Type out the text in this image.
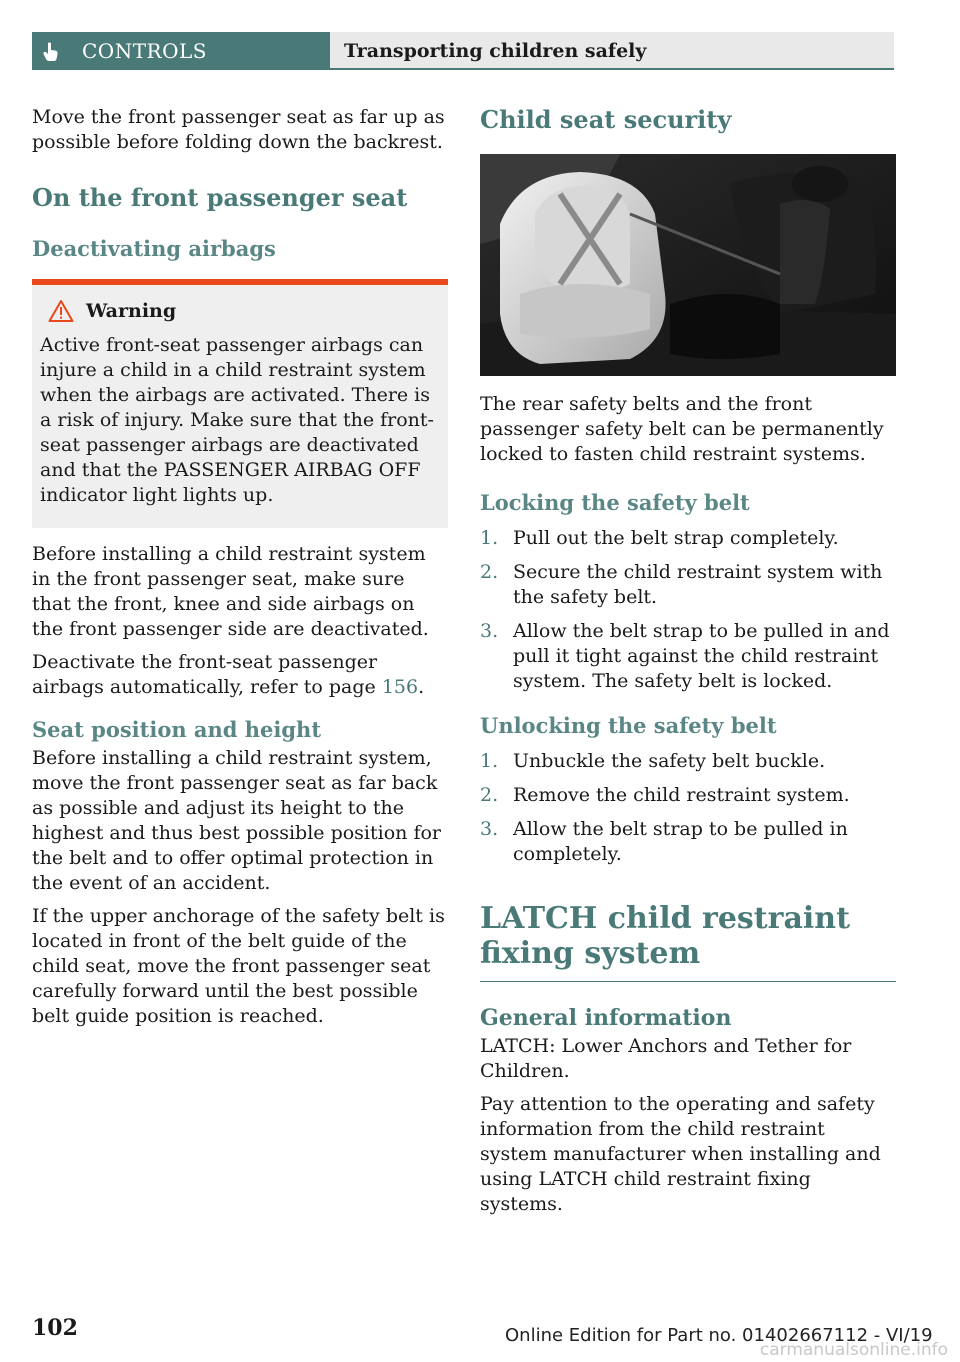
CONTROLS	Transporting children safely

Move the front passenger seat as far up as possible before folding down the backrest.

On the front passenger seat
Deactivating airbags
Warning

Active front-seat passenger airbags can injure a child in a child restraint system when the airbags are activated. There is a risk of injury. Make sure that the front-seat passenger airbags are deactivated and that the PASSENGER AIRBAG OFF indicator light lights up.

Before installing a child restraint system in the front passenger seat, make sure that the front, knee and side airbags on the front passenger side are deactivated.

Deactivate the front-seat passenger airbags automatically, refer to page 156.

Seat position and height

Before installing a child restraint system, move the front passenger seat as far back as possible and adjust its height to the highest and thus best possible position for the belt and to offer optimal protection in the event of an accident.

If the upper anchorage of the safety belt is located in front of the belt guide of the child seat, move the front passenger seat carefully forward until the best possible belt guide position is reached.

Child seat security

The rear safety belts and the front passenger safety belt can be permanently locked to fasten child restraint systems.

Locking the safety belt
1. Pull out the belt strap completely.
2. Secure the child restraint system with the safety belt.
3. Allow the belt strap to be pulled in and pull it tight against the child restraint system. The safety belt is locked.
Unlocking the safety belt
1. Unbuckle the safety belt buckle.
2. Remove the child restraint system.
3. Allow the belt strap to be pulled in completely.
LATCH child restraint fixing system
General information

LATCH: Lower Anchors and Tether for Children.

Pay attention to the operating and safety information from the child restraint system manufacturer when installing and using LATCH child restraint fixing systems.

102	Online Edition for Part no. 01402667112 - VI/19
carmanualsonline.info
